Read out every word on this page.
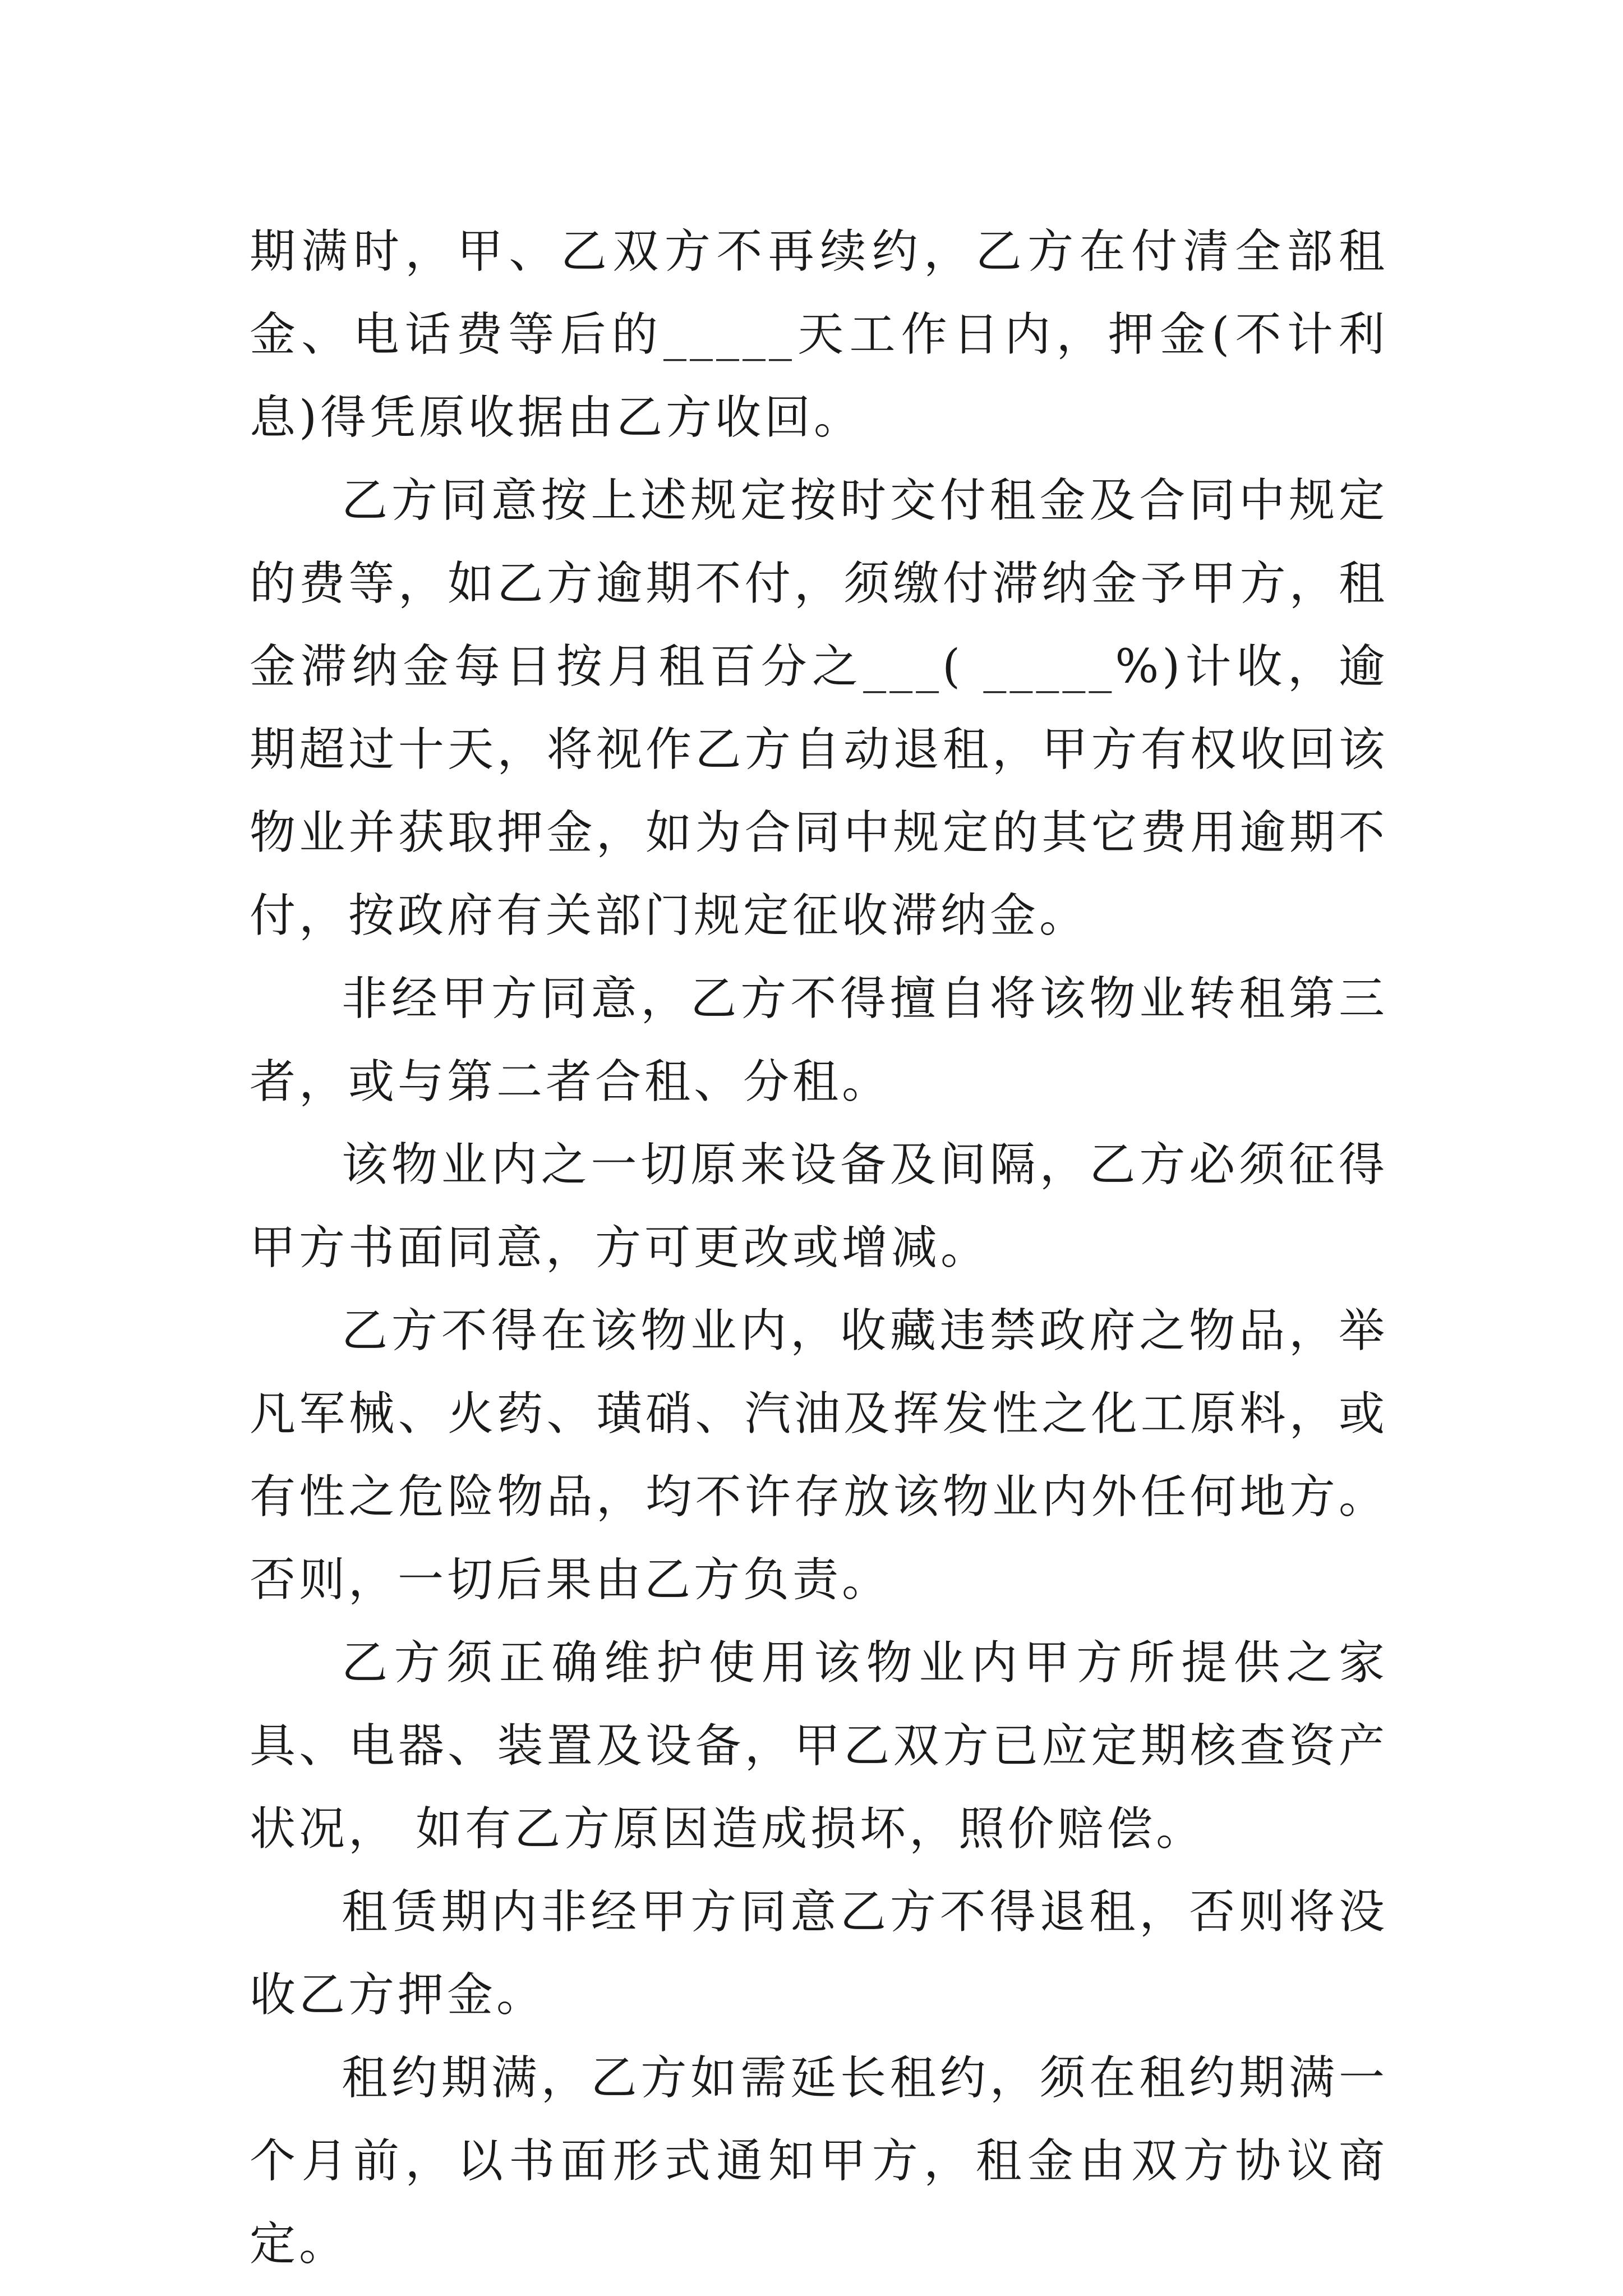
期满时，甲、乙双方不再续约，乙方在付清全部租金、电话费等后的_____天工作日内，押金(不计利息)得凭原收据由乙方收回。

乙方同意按上述规定按时交付租金及合同中规定的费等，如乙方逾期不付，须缴付滞纳金予甲方，租金滞纳金每日按月租百分之___( _____%)计收，逾期超过十天，将视作乙方自动退租，甲方有权收回该物业并获取押金，如为合同中规定的其它费用逾期不付，按政府有关部门规定征收滞纳金。

非经甲方同意，乙方不得擅自将该物业转租第三者，或与第二者合租、分租。

该物业内之一切原来设备及间隔，乙方必须征得甲方书面同意，方可更改或增减。

乙方不得在该物业内，收藏违禁政府之物品，举凡军械、火药、璜硝、汽油及挥发性之化工原料，或有性之危险物品，均不许存放该物业内外任何地方。否则，一切后果由乙方负责。

乙方须正确维护使用该物业内甲方所提供之家具、电器、装置及设备，甲乙双方已应定期核查资产状况， 如有乙方原因造成损坏，照价赔偿。

租赁期内非经甲方同意乙方不得退租，否则将没收乙方押金。

租约期满，乙方如需延长租约，须在租约期满一个月前，以书面形式通知甲方，租金由双方协议商定。
